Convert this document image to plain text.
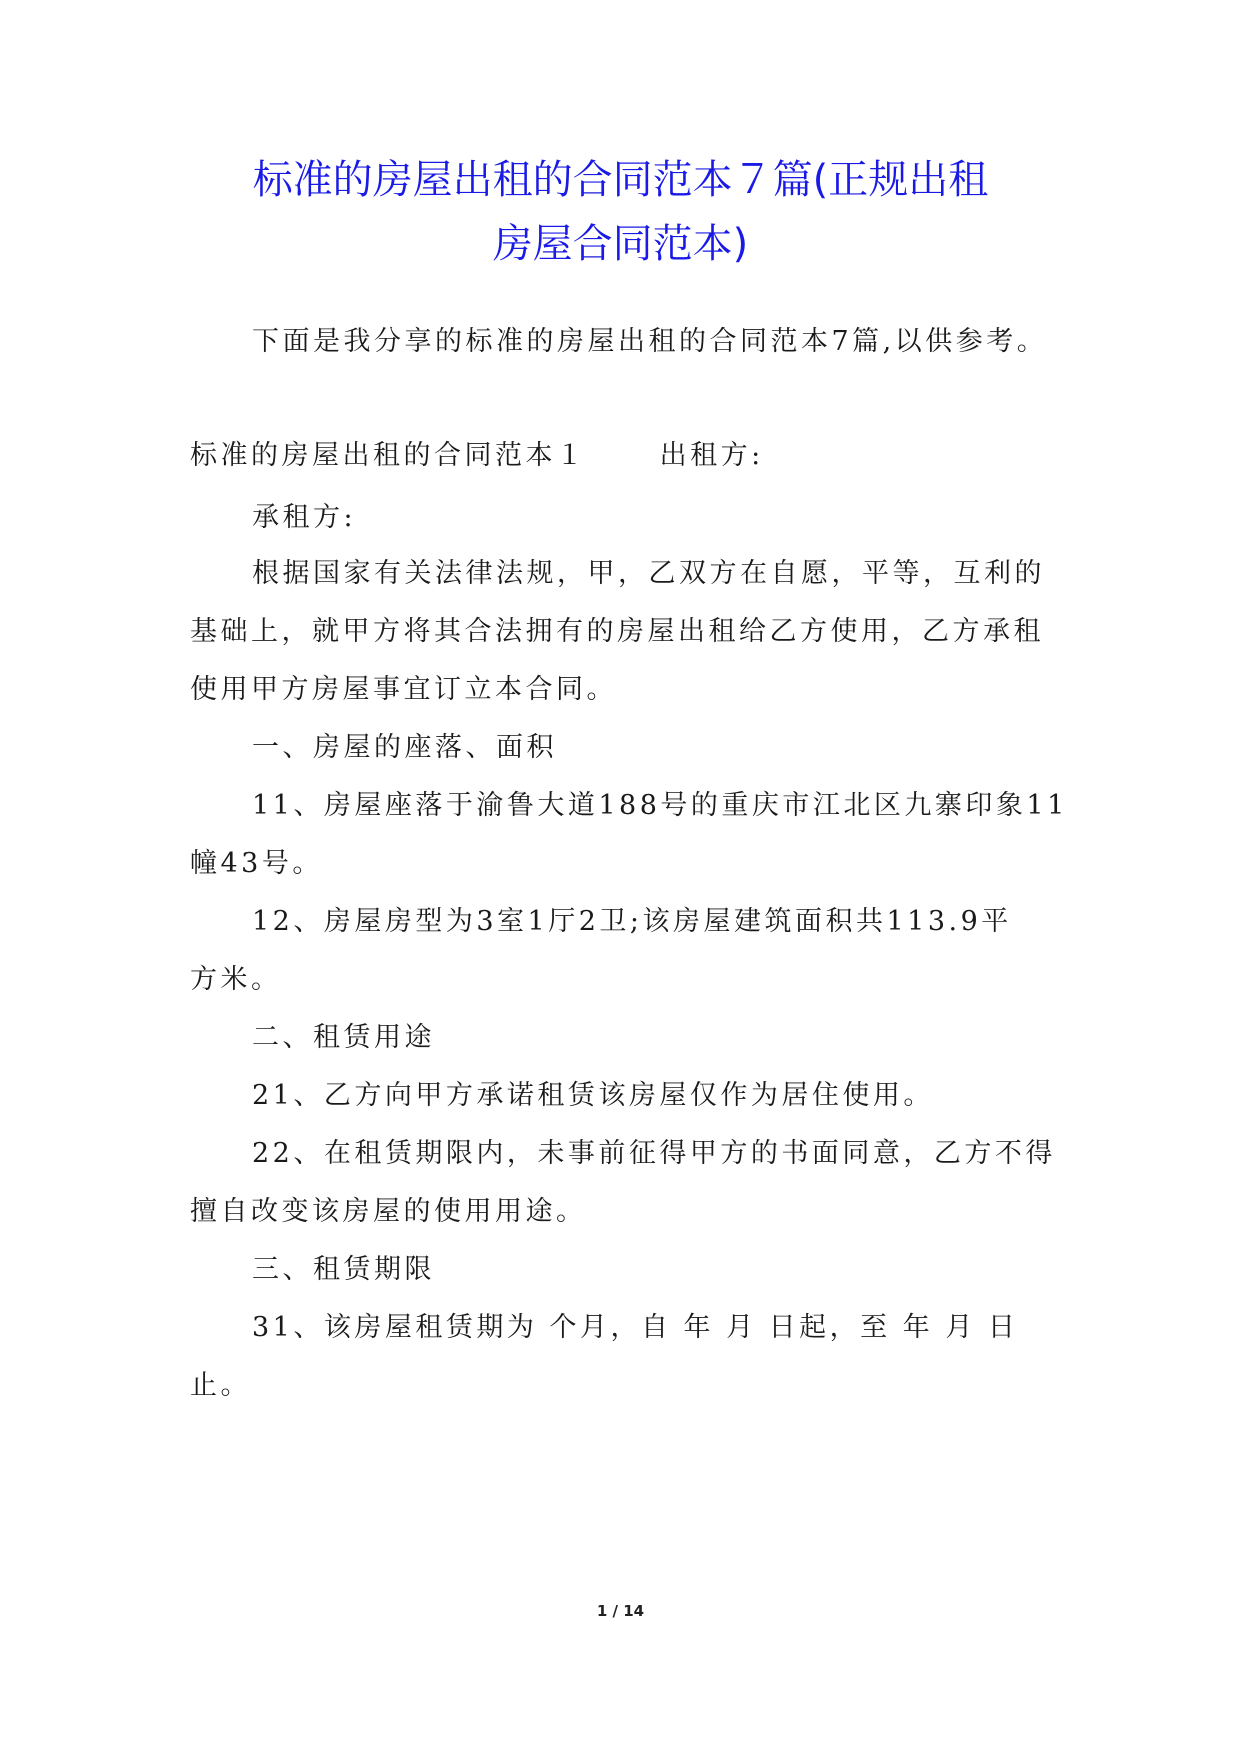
标准的房屋出租的合同范本７篇(正规出租
房屋合同范本)
下面是我分享的标准的房屋出租的合同范本7篇,以供参考。
标准的房屋出租的合同范本１　　 出租方:
承租方:
根据国家有关法律法规，甲，乙双方在自愿，平等，互利的
基础上，就甲方将其合法拥有的房屋出租给乙方使用，乙方承租
使用甲方房屋事宜订立本合同。
一、房屋的座落、面积
11、房屋座落于渝鲁大道188号的重庆市江北区九寨印象11
幢43号。
12、房屋房型为3室1厅2卫;该房屋建筑面积共113.9平
方米。
二、租赁用途
21、乙方向甲方承诺租赁该房屋仅作为居住使用。
22、在租赁期限内，未事前征得甲方的书面同意，乙方不得
擅自改变该房屋的使用用途。
三、租赁期限
31、该房屋租赁期为 个月，自 年 月 日起，至 年 月 日
止。
1 / 14
